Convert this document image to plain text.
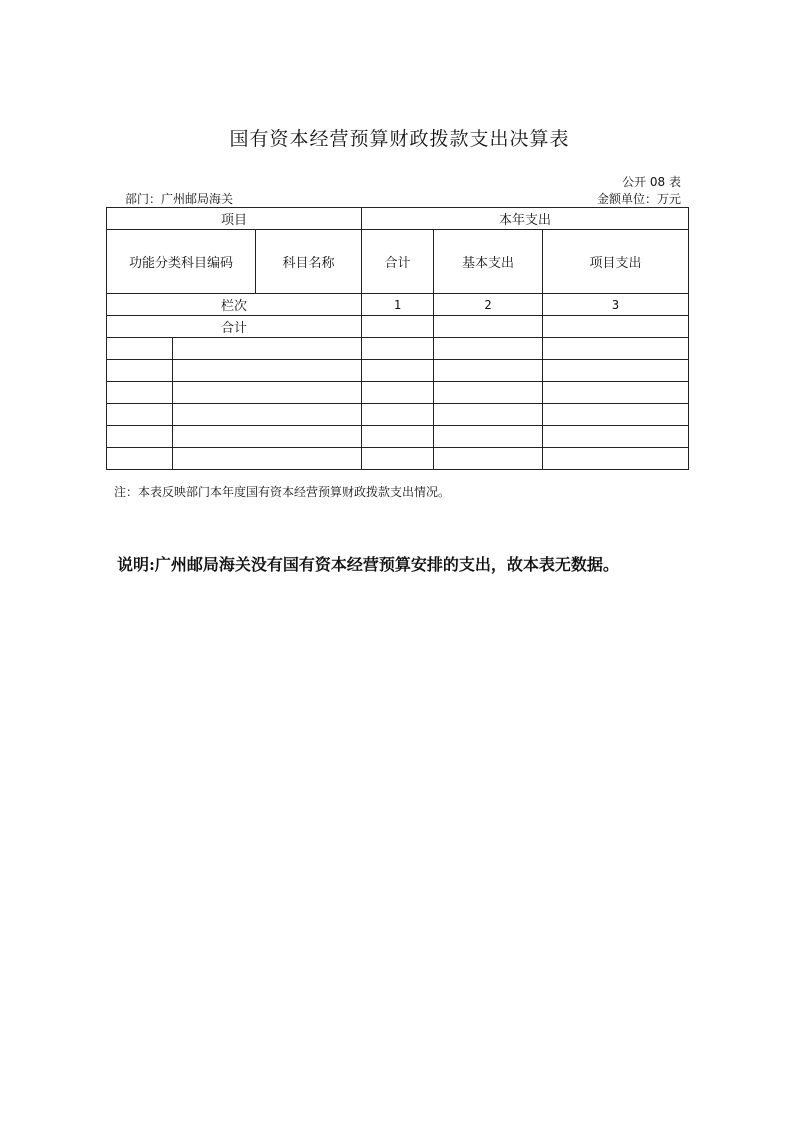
国有资本经营预算财政拨款支出决算表
公开 08 表
部门：广州邮局海关	金额单位：万元
项目			本年支出		
功能分类科目编码		科目名称	合计	基本支出	项目支出
栏次			1	2	3
合计					

注：本表反映部门本年度国有资本经营预算财政拨款支出情况。
说明:广州邮局海关没有国有资本经营预算安排的支出，故本表无数据。
